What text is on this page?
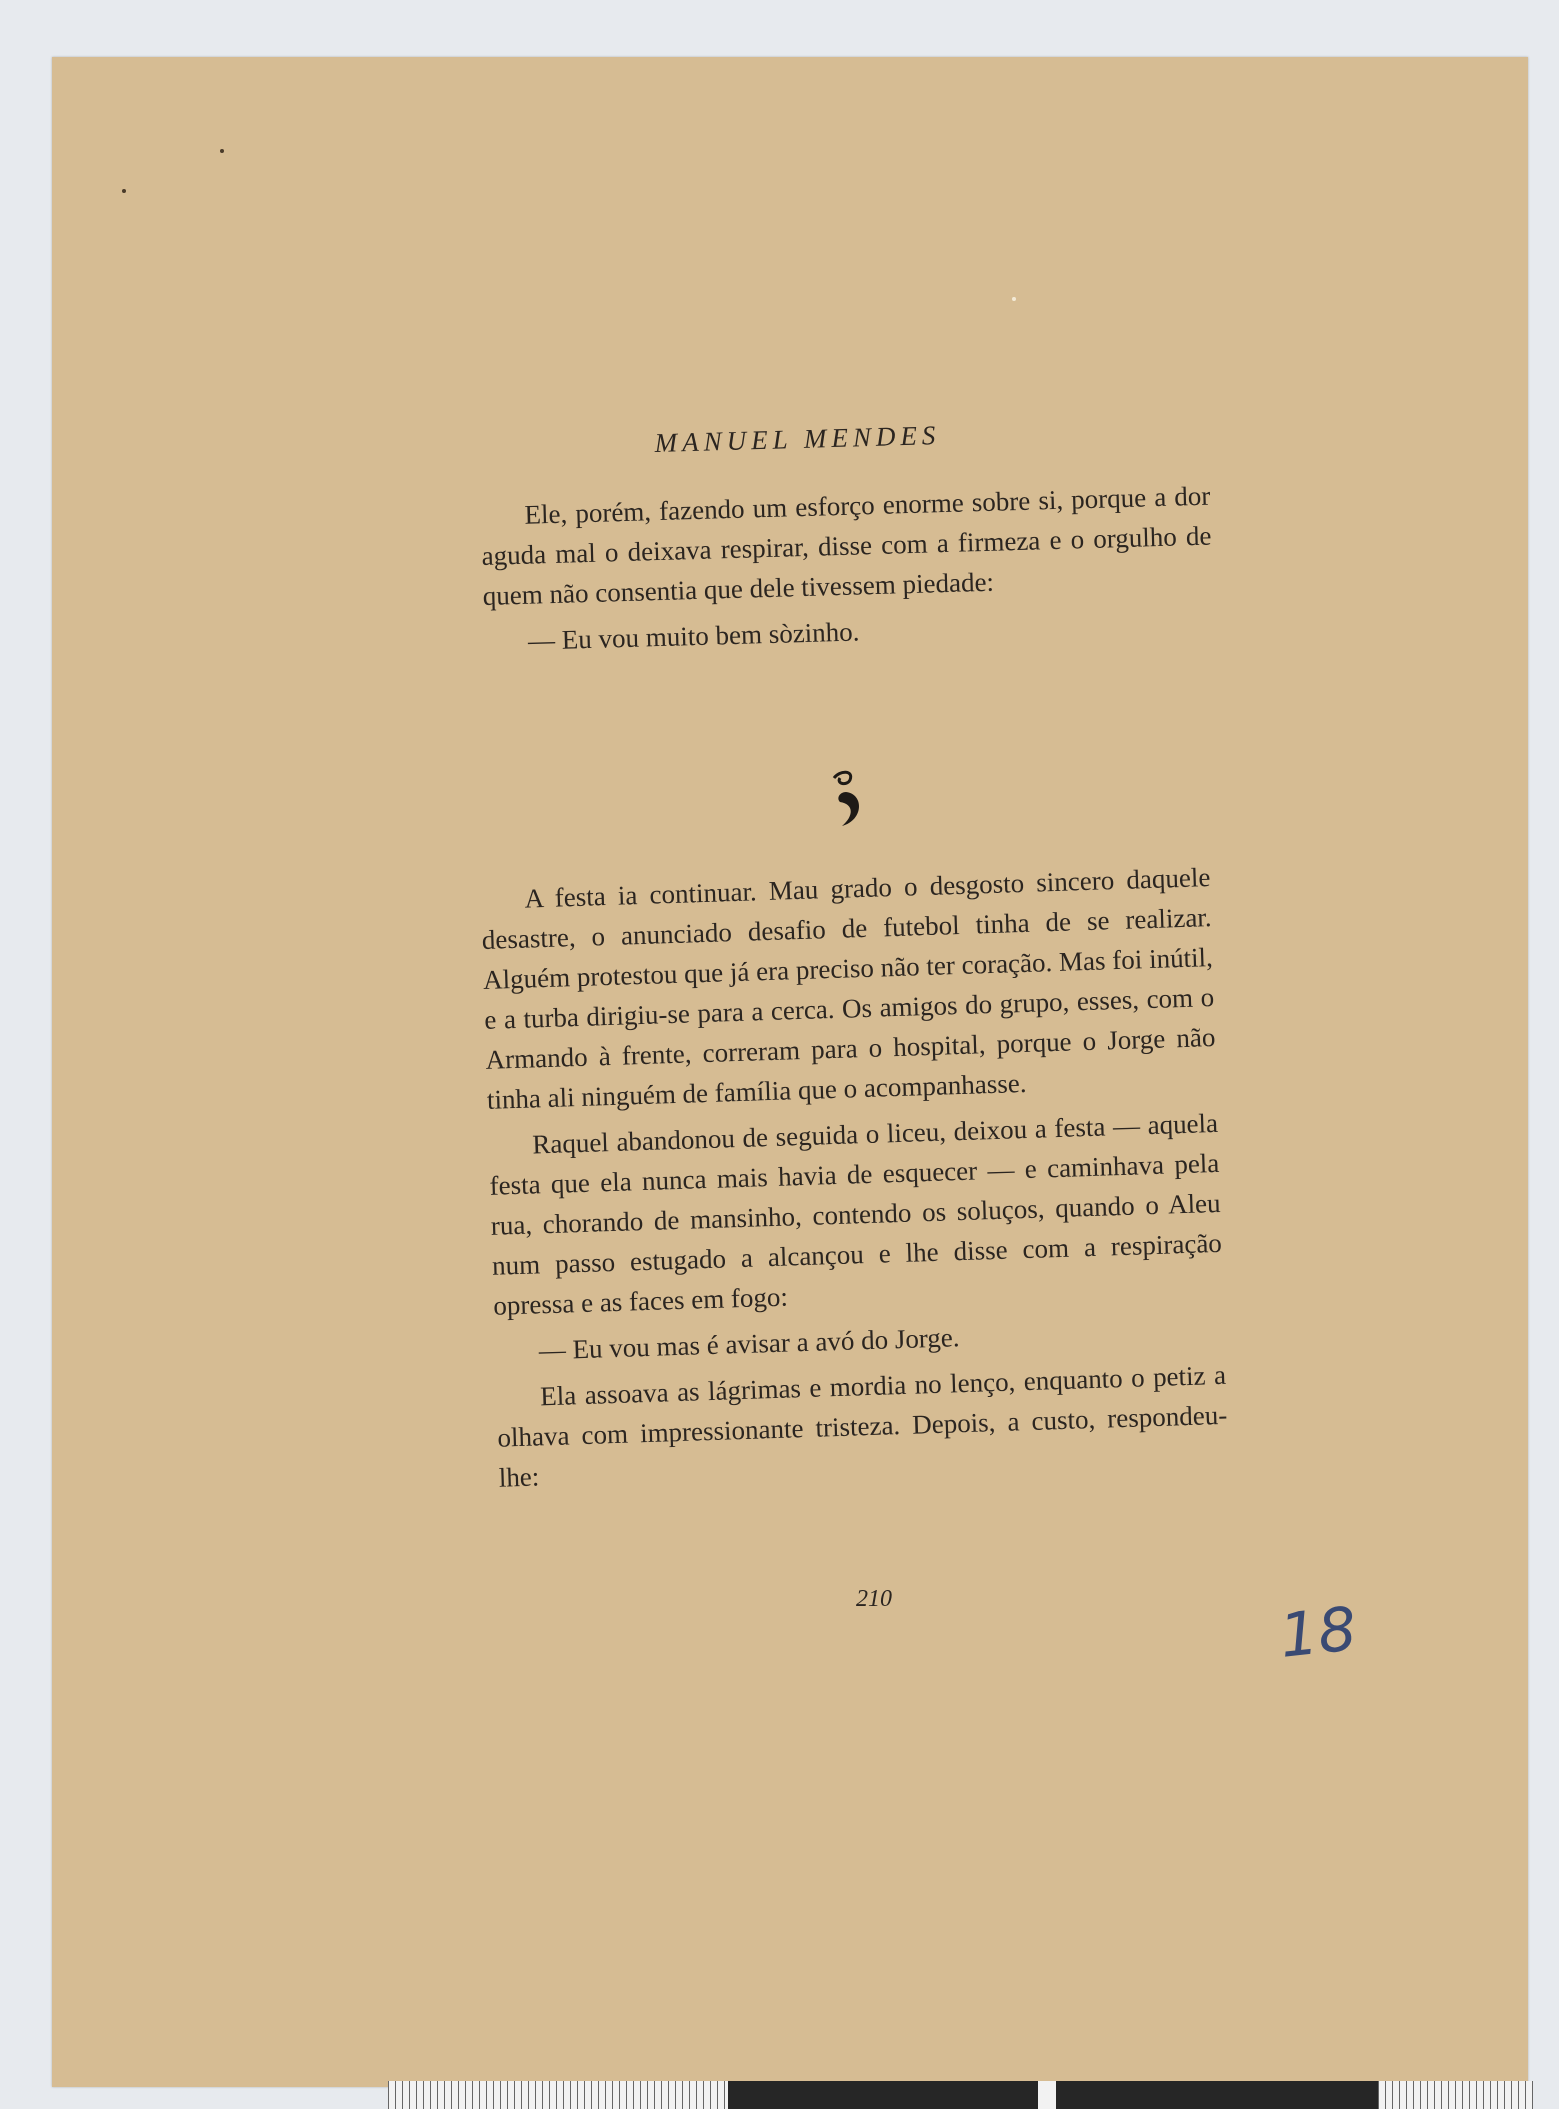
MANUEL MENDES

Ele, porém, fazendo um esforço enorme sobre si, porque a dor aguda mal o deixava respirar, disse com a firmeza e o orgulho de quem não consentia que dele tivessem piedade:

— Eu vou muito bem sòzinho.

A festa ia continuar. Mau grado o desgosto sincero daquele desastre, o anunciado desafio de futebol tinha de se realizar. Alguém protestou que já era preciso não ter coração. Mas foi inútil, e a turba dirigiu-se para a cerca. Os amigos do grupo, esses, com o Armando à frente, correram para o hospital, porque o Jorge não tinha ali ninguém de família que o acompanhasse.

Raquel abandonou de seguida o liceu, deixou a festa — aquela festa que ela nunca mais havia de esquecer — e caminhava pela rua, chorando de mansinho, contendo os soluços, quando o Aleu num passo estugado a alcançou e lhe disse com a respiração opressa e as faces em fogo:

— Eu vou mas é avisar a avó do Jorge.

Ela assoava as lágrimas e mordia no lenço, enquanto o petiz a olhava com impressionante tristeza. Depois, a custo, respondeu-lhe:

210	18
